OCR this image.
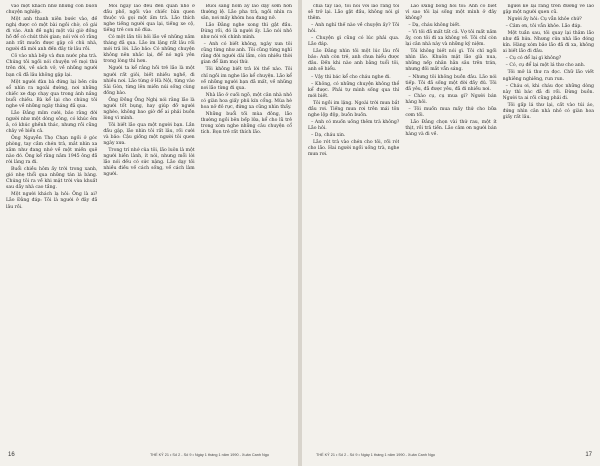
vào một khách như những con buồn chuyện nghiệp.

Một anh thanh niên bước vào, đề nghị được có một bài ngồi chờ, cô gái đi vào. Anh đề nghị một vài giờ đồng hồ để có chút thời gian; nói với cô rằng anh rất muốn được gặp cô chủ nhà, người đã mời anh đến đây từ lâu rồi.

Cô vào nhà bếp và đun nước pha trà. Chúng tôi ngồi nói chuyện về mọi thứ trên đời, về sách vở, về những người bạn cũ đã lâu không gặp lại.

Một người đàn bà đứng lại bên cửa sổ nhìn ra ngoài đường, nơi những chiếc xe đạp chạy qua trong ánh nắng buổi chiều. Bà kể lại cho chúng tôi nghe về những ngày tháng đã qua.

Lão Đằng mỉm cười, bảo rằng đời người như một dòng sông, có khúc êm ả, có khúc ghềnh thác, nhưng rồi cũng chảy về biển cả.

Ông Nguyễn Thọ Chạn ngồi ở góc phòng, tay cầm chén trà, mắt nhìn xa xăm như đang nhớ về một miền quê nào đó. Ông kể rằng năm 1945 ông đã rời làng ra đi.

Buổi chiều hôm ấy trời trong xanh, gió nhẹ thổi qua những tán lá bàng. Chúng tôi ra về khi mặt trời vừa khuất sau dãy nhà cao tầng.

Một người khách lạ hỏi: Ông là ai? Lão Đằng đáp: Tôi là người ở đây đã lâu rồi.

Mỗi ngày lão đều đến quán nhỏ ở đầu phố, ngồi vào chiếc bàn quen thuộc và gọi một ấm trà. Lão thích nghe tiếng người qua lại, tiếng xe cộ, tiếng trẻ con nô đùa.

Có một lần tôi hỏi lão về những năm tháng đã qua. Lão im lặng rất lâu rồi mới trả lời. Lão bảo: Có những chuyện không nên nhắc lại, để nó ngủ yên trong lòng thì hơn.

Người ta kể rằng hồi trẻ lão là một người rất giỏi, biết nhiều nghề, đi nhiều nơi. Lão từng ở Hà Nội, từng vào Sài Gòn, từng lên miền núi sống cùng đồng bào.

Ông Đồng Ông Nghị nói rằng lão là người tốt bụng, hay giúp đỡ người nghèo, không bao giờ để ai phải buồn lòng vì mình.

Tôi biết lão qua một người bạn. Lần đầu gặp, lão nhìn tôi rất lâu, rồi cười và bảo: Cậu giống một người tôi quen ngày xưa.

Trong trí nhớ của tôi, lão luôn là một người hiền lành, ít nói, nhưng mỗi lời lão nói đều có sức nặng. Lão dạy tôi nhiều điều về cách sống, về cách làm người.

Buổi sáng hôm ấy lão dậy sớm hơn thường lệ. Lão pha trà, ngồi nhìn ra sân, nơi mấy khóm hoa đang nở.

Lão Đằng nghe xong thì gật đầu. Đúng rồi, đó là người ấy. Lão nói nhỏ như nói với chính mình.

– Anh có biết không, ngày xưa tôi cũng từng như anh. Tôi cũng từng nghĩ rằng đời người dài lắm, còn nhiều thời gian để làm mọi thứ.

Tôi không biết trả lời thế nào. Tôi chỉ ngồi im nghe lão kể chuyện. Lão kể về những người bạn đã mất, về những nơi lão từng đi qua.

Nhà lão ở cuối ngõ, một căn nhà nhỏ có giàn hoa giấy phủ kín cổng. Mùa hè hoa nở đỏ rực, đứng xa cũng nhìn thấy.

Những buổi tối mùa đông, lão thường ngồi bên bếp lửa, kể cho lũ trẻ trong xóm nghe những câu chuyện cổ tích. Bọn trẻ rất thích lão.

16	THẾ KỶ 21 • Số 2 - Số 9 • Ngày 1 tháng 1 năm 1990 - Xuân Canh Ngọ

chia tay lão, tôi nói với lão rằng tôi sẽ trở lại. Lão gật đầu, không nói gì thêm.

– Anh nghĩ thế nào về chuyện ấy? Tôi hỏi.

– Chuyện gì cũng có lúc phải qua. Lão đáp.

Lão Đằng nhìn tôi một lúc lâu rồi bảo: Anh còn trẻ, anh chưa hiểu được đâu. Đến khi nào anh bằng tuổi tôi, anh sẽ hiểu.

– Vậy thì bác kể cho cháu nghe đi.

– Không, có những chuyện không thể kể được. Phải tự mình sống qua thì mới biết.

Tôi ngồi im lặng. Ngoài trời mưa bắt đầu rơi. Tiếng mưa rơi trên mái tôn nghe lộp độp, buồn buồn.

– Anh có muốn uống thêm trà không? Lão hỏi.

– Dạ, cháu xin.

Lão rót trà vào chén cho tôi, rồi rót cho lão. Hai người ngồi uống trà, nghe mưa rơi.

Lão Đằng bỗng hỏi tôi: Anh có biết vì sao tôi lại sống một mình ở đây không?

– Dạ, cháu không biết.

– Vì tôi đã mất tất cả. Vợ tôi mất năm ấy, con tôi đi xa không về. Tôi chỉ còn lại căn nhà này và những kỷ niệm.

Tôi không biết nói gì. Tôi chỉ ngồi nhìn lão. Khuôn mặt lão già nua, những nếp nhăn hằn sâu trên trán, nhưng đôi mắt vẫn sáng.

– Nhưng tôi không buồn đâu. Lão nói tiếp. Tôi đã sống một đời đầy đủ. Tôi đã yêu, đã được yêu, đã đi nhiều nơi.

– Chào cụ, cụ mua gì? Người bán hàng hỏi.

– Tôi muốn mua mấy thứ cho bữa cơm tối.

Lão Đằng chọn vài thứ rau, một ít thịt, rồi trả tiền. Lão cảm ơn người bán hàng và đi về.

người kể lại rằng trên đường về lão gặp một người quen cũ.

Người ấy hỏi: Cụ vẫn khỏe chứ?

– Cảm ơn, tôi vẫn khỏe. Lão đáp.

Một tuần sau, tôi quay lại thăm lão như đã hứa. Nhưng cửa nhà lão đóng kín. Hàng xóm bảo lão đã đi xa, không ai biết lão đi đâu.

– Cụ có để lại gì không?

– Có, cụ để lại một lá thư cho anh.

Tôi mở lá thư ra đọc. Chữ lão viết nghiêng nghiêng, run run.

– Cháu ơi, khi cháu đọc những dòng này thì bác đã đi rồi. Đừng buồn. Người ta ai rồi cũng phải đi.

Tôi gấp lá thư lại, cất vào túi áo, đứng nhìn căn nhà nhỏ có giàn hoa giấy rất lâu.

THẾ KỶ 21 • Số 2 - Số 9 • Ngày 1 tháng 1 năm 1990 - Xuân Canh Ngọ	17
